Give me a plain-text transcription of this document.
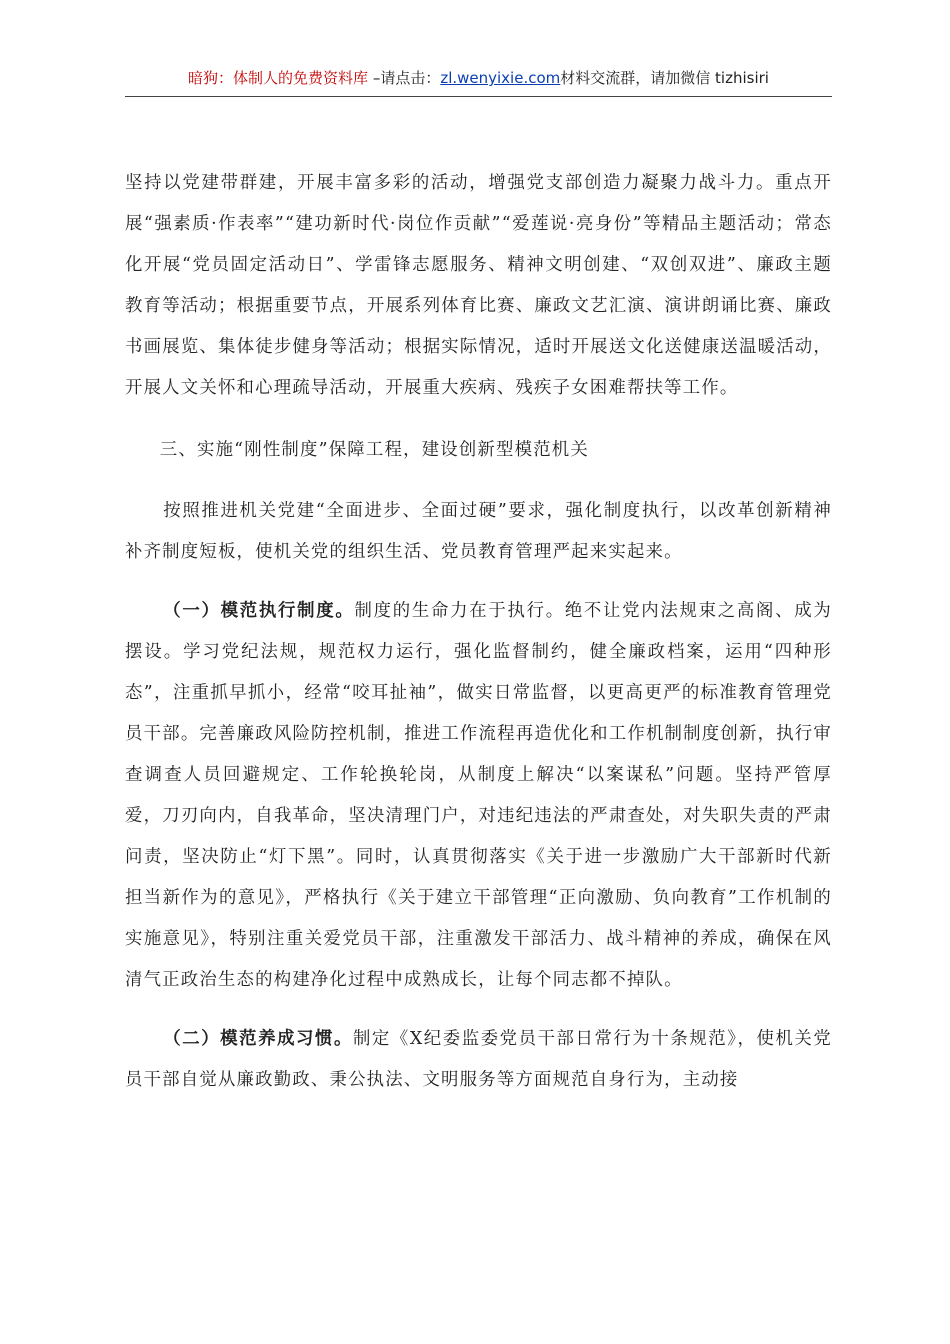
暗狗：体制人的免费资料库 –请点击：zl.wenyixie.com材料交流群，请加微信 tizhisiri

坚持以党建带群建，开展丰富多彩的活动，增强党支部创造力凝聚力战斗力。重点开展“强素质·作表率”“建功新时代·岗位作贡献”“爱莲说·亮身份”等精品主题活动；常态化开展“党员固定活动日”、学雷锋志愿服务、精神文明创建、“双创双进”、廉政主题教育等活动；根据重要节点，开展系列体育比赛、廉政文艺汇演、演讲朗诵比赛、廉政书画展览、集体徒步健身等活动；根据实际情况，适时开展送文化送健康送温暖活动，开展人文关怀和心理疏导活动，开展重大疾病、残疾子女困难帮扶等工作。

三、实施“刚性制度”保障工程，建设创新型模范机关

按照推进机关党建“全面进步、全面过硬”要求，强化制度执行，以改革创新精神补齐制度短板，使机关党的组织生活、党员教育管理严起来实起来。

（一）模范执行制度。制度的生命力在于执行。绝不让党内法规束之高阁、成为摆设。学习党纪法规，规范权力运行，强化监督制约，健全廉政档案，运用“四种形态”，注重抓早抓小，经常“咬耳扯袖”，做实日常监督，以更高更严的标准教育管理党员干部。完善廉政风险防控机制，推进工作流程再造优化和工作机制制度创新，执行审查调查人员回避规定、工作轮换轮岗，从制度上解决“以案谋私”问题。坚持严管厚爱，刀刃向内，自我革命，坚决清理门户，对违纪违法的严肃查处，对失职失责的严肃问责，坚决防止“灯下黑”。同时，认真贯彻落实《关于进一步激励广大干部新时代新担当新作为的意见》，严格执行《关于建立干部管理“正向激励、负向教育”工作机制的实施意见》，特别注重关爱党员干部，注重激发干部活力、战斗精神的养成，确保在风清气正政治生态的构建净化过程中成熟成长，让每个同志都不掉队。

（二）模范养成习惯。制定《X纪委监委党员干部日常行为十条规范》，使机关党员干部自觉从廉政勤政、秉公执法、文明服务等方面规范自身行为，主动接
